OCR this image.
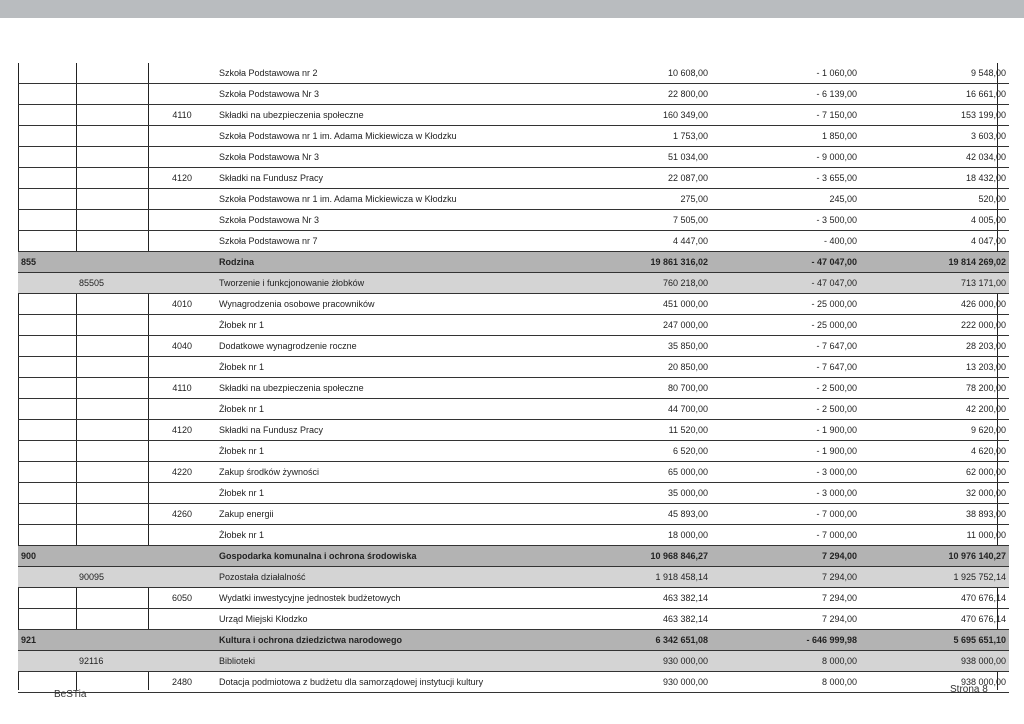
			Szkoła Podstawowa nr 2	10 608,00	- 1 060,00	9 548,00
			Szkoła Podstawowa Nr 3	22 800,00	- 6 139,00	16 661,00
		4110	Składki na ubezpieczenia społeczne	160 349,00	- 7 150,00	153 199,00
			Szkoła Podstawowa nr 1 im. Adama Mickiewicza w Kłodzku	1 753,00	1 850,00	3 603,00
			Szkoła Podstawowa Nr 3	51 034,00	- 9 000,00	42 034,00
		4120	Składki na Fundusz Pracy	22 087,00	- 3 655,00	18 432,00
			Szkoła Podstawowa nr 1 im. Adama Mickiewicza w Kłodzku	275,00	245,00	520,00
			Szkoła Podstawowa Nr 3	7 505,00	- 3 500,00	4 005,00
			Szkoła Podstawowa nr 7	4 447,00	- 400,00	4 047,00
855			Rodzina	19 861 316,02	- 47 047,00	19 814 269,02
	85505		Tworzenie i funkcjonowanie żłobków	760 218,00	- 47 047,00	713 171,00
		4010	Wynagrodzenia osobowe pracowników	451 000,00	- 25 000,00	426 000,00
			Żłobek nr 1	247 000,00	- 25 000,00	222 000,00
		4040	Dodatkowe wynagrodzenie roczne	35 850,00	- 7 647,00	28 203,00
			Żłobek nr 1	20 850,00	- 7 647,00	13 203,00
		4110	Składki na ubezpieczenia społeczne	80 700,00	- 2 500,00	78 200,00
			Żłobek nr 1	44 700,00	- 2 500,00	42 200,00
		4120	Składki na Fundusz Pracy	11 520,00	- 1 900,00	9 620,00
			Żłobek nr 1	6 520,00	- 1 900,00	4 620,00
		4220	Zakup środków żywności	65 000,00	- 3 000,00	62 000,00
			Żłobek nr 1	35 000,00	- 3 000,00	32 000,00
		4260	Zakup energii	45 893,00	- 7 000,00	38 893,00
			Żłobek nr 1	18 000,00	- 7 000,00	11 000,00
900			Gospodarka komunalna i ochrona środowiska	10 968 846,27	7 294,00	10 976 140,27
	90095		Pozostała działalność	1 918 458,14	7 294,00	1 925 752,14
		6050	Wydatki inwestycyjne jednostek budżetowych	463 382,14	7 294,00	470 676,14
			Urząd Miejski Kłodzko	463 382,14	7 294,00	470 676,14
921			Kultura i ochrona dziedzictwa narodowego	6 342 651,08	- 646 999,98	5 695 651,10
	92116		Biblioteki	930 000,00	8 000,00	938 000,00
		2480	Dotacja podmiotowa z budżetu dla samorządowej instytucji kultury	930 000,00	8 000,00	938 000,00
BeSTia	Strona 8
